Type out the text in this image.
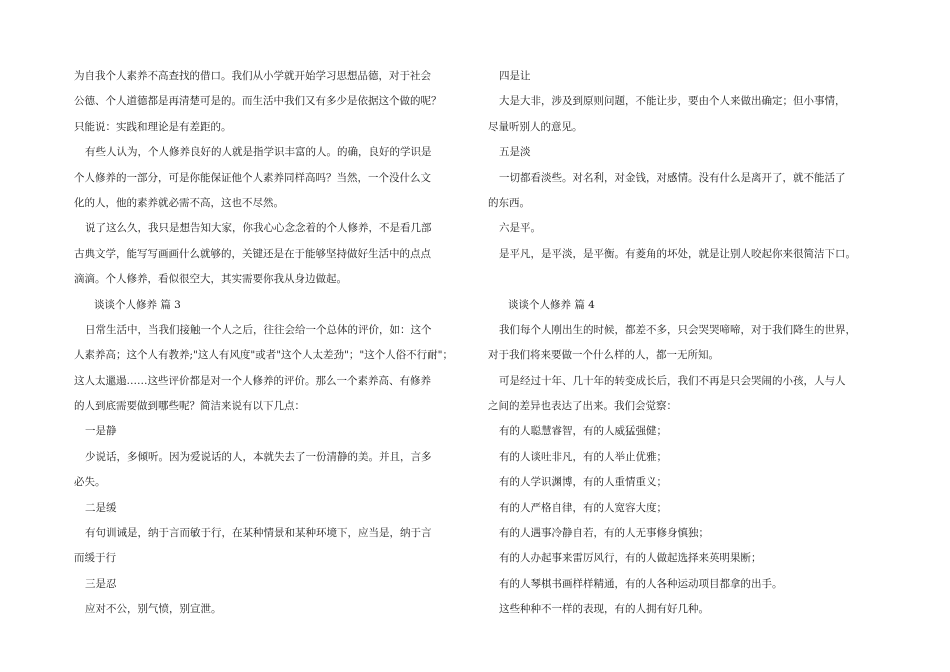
为自我个人素养不高查找的借口。我们从小学就开始学习思想品德，对于社会
公德、个人道德都是再清楚可是的。而生活中我们又有多少是依据这个做的呢？
只能说：实践和理论是有差距的。
有些人认为，个人修养良好的人就是指学识丰富的人。的确，良好的学识是
个人修养的一部分，可是你能保证他个人素养同样高吗？当然，一个没什么文
化的人，他的素养就必需不高，这也不尽然。
说了这么久，我只是想告知大家，你我心心念念着的个人修养，不是看几部
古典文学，能写写画画什么就够的，关键还是在于能够坚持做好生活中的点点
滴滴。个人修养，看似很空大，其实需要你我从身边做起。
谈谈个人修养 篇 3
日常生活中，当我们接触一个人之后，往往会给一个总体的评价，如：这个
人素养高；这个人有教养;"这人有风度"或者"这个人太差劲"；"这个人俗不行耐"；
这人太邋遢……这些评价都是对一个人修养的评价。那么一个素养高、有修养
的人到底需要做到哪些呢？简洁来说有以下几点：
一是静
少说话，多倾听。因为爱说话的人，本就失去了一份清静的美。并且，言多
必失。
二是缓
有句训诫是，纳于言而敏于行，在某种情景和某种环境下，应当是，纳于言
而缓于行
三是忍
应对不公，别气愤，别宣泄。
四是让
大是大非，涉及到原则问题，不能让步，要由个人来做出确定；但小事情，
尽量听别人的意见。
五是淡
一切都看淡些。对名利，对金钱，对感情。没有什么是离开了，就不能活了
的东西。
六是平。
是平凡，是平淡，是平衡。有菱角的坏处，就是让别人咬起你来很简洁下口。
谈谈个人修养 篇 4
我们每个人刚出生的时候，都差不多，只会哭哭啼啼，对于我们降生的世界，
对于我们将来要做一个什么样的人，都一无所知。
可是经过十年、几十年的转变成长后，我们不再是只会哭闹的小孩，人与人
之间的差异也表达了出来。我们会觉察：
有的人聪慧睿智，有的人威猛强健；
有的人谈吐非凡，有的人举止优雅；
有的人学识渊博，有的人重情重义；
有的人严格自律，有的人宽容大度；
有的人遇事冷静自若，有的人无事修身慎独；
有的人办起事来雷厉风行，有的人做起选择来英明果断；
有的人琴棋书画样样精通，有的人各种运动项目都拿的出手。
这些种种不一样的表现，有的人拥有好几种。
